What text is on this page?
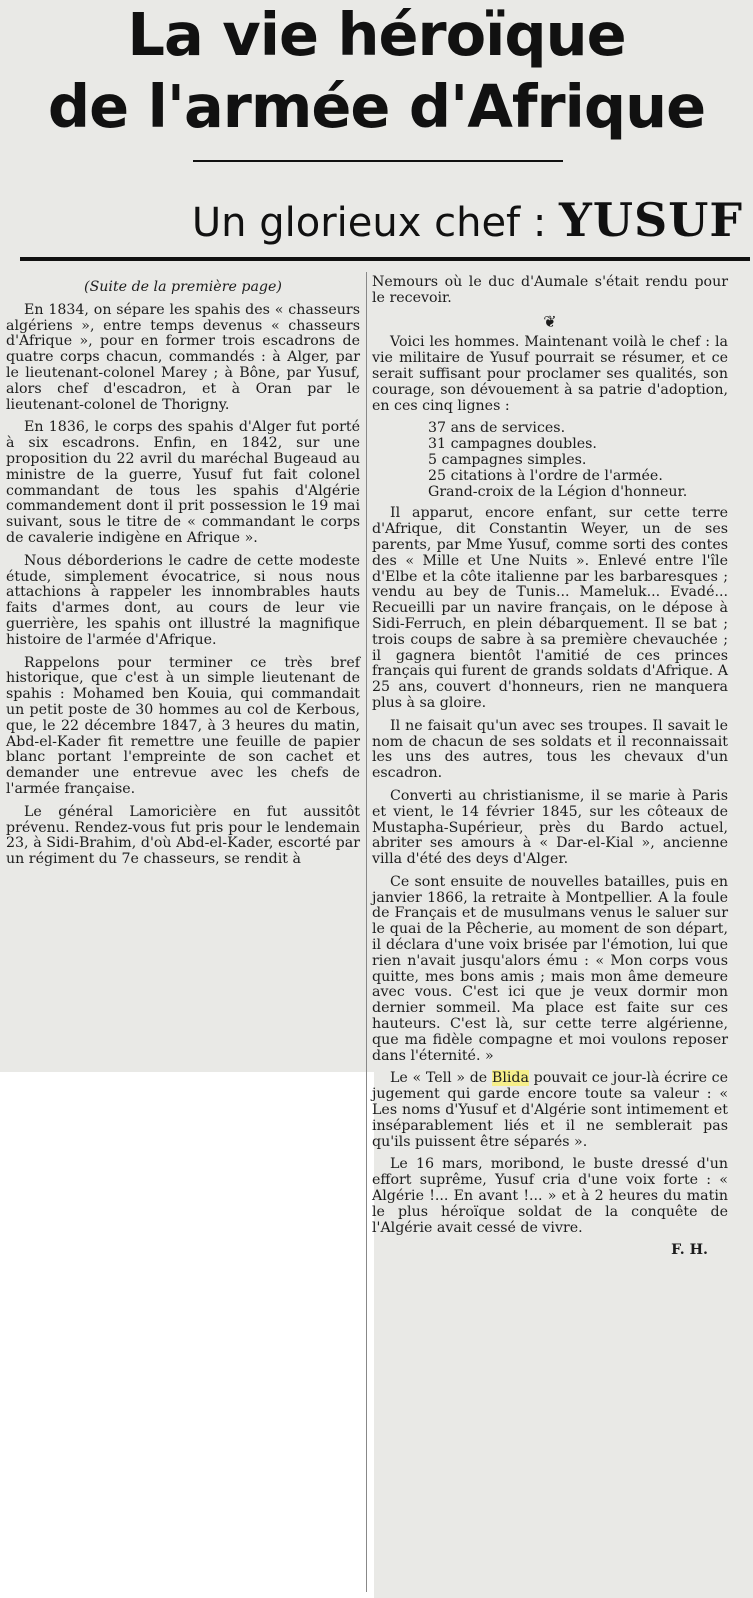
La vie héroïque
de l'armée d'Afrique
Un glorieux chef : YUSUF

(Suite de la première page)

En 1834, on sépare les spahis des « chasseurs algériens », entre temps devenus « chasseurs d'Afrique », pour en former trois escadrons de quatre corps chacun, commandés : à Alger, par le lieutenant-colonel Marey ; à Bône, par Yusuf, alors chef d'escadron, et à Oran par le lieutenant-colonel de Thorigny.

En 1836, le corps des spahis d'Alger fut porté à six escadrons. Enfin, en 1842, sur une proposition du 22 avril du maréchal Bugeaud au ministre de la guerre, Yusuf fut fait colonel commandant de tous les spahis d'Algérie commandement dont il prit possession le 19 mai suivant, sous le titre de « commandant le corps de cavalerie indigène en Afrique ».

Nous déborderions le cadre de cette modeste étude, simplement évocatrice, si nous nous attachions à rappeler les innombrables hauts faits d'armes dont, au cours de leur vie guerrière, les spahis ont illustré la magnifique histoire de l'armée d'Afrique.

Rappelons pour terminer ce très bref historique, que c'est à un simple lieutenant de spahis : Mohamed ben Kouia, qui commandait un petit poste de 30 hommes au col de Kerbous, que, le 22 décembre 1847, à 3 heures du matin, Abd-el-Kader fit remettre une feuille de papier blanc portant l'empreinte de son cachet et demander une entrevue avec les chefs de l'armée française.

Le général Lamoricière en fut aussitôt prévenu. Rendez-vous fut pris pour le lendemain 23, à Sidi-Brahim, d'où Abd-el-Kader, escorté par un régiment du 7e chasseurs, se rendit à

Nemours où le duc d'Aumale s'était rendu pour le recevoir.

❦

Voici les hommes. Maintenant voilà le chef : la vie militaire de Yusuf pourrait se résumer, et ce serait suffisant pour proclamer ses qualités, son courage, son dévouement à sa patrie d'adoption, en ces cinq lignes :

37 ans de services.
31 campagnes doubles.
5 campagnes simples.
25 citations à l'ordre de l'armée.
Grand-croix de la Légion d'honneur.

Il apparut, encore enfant, sur cette terre d'Afrique, dit Constantin Weyer, un de ses parents, par Mme Yusuf, comme sorti des contes des « Mille et Une Nuits ». Enlevé entre l'île d'Elbe et la côte italienne par les barbaresques ; vendu au bey de Tunis... Mameluk... Evadé... Recueilli par un navire français, on le dépose à Sidi-Ferruch, en plein débarquement. Il se bat ; trois coups de sabre à sa première chevauchée ; il gagnera bientôt l'amitié de ces princes français qui furent de grands soldats d'Afrique. A 25 ans, couvert d'honneurs, rien ne manquera plus à sa gloire.

Il ne faisait qu'un avec ses troupes. Il savait le nom de chacun de ses soldats et il reconnaissait les uns des autres, tous les chevaux d'un escadron.

Converti au christianisme, il se marie à Paris et vient, le 14 février 1845, sur les côteaux de Mustapha-Supérieur, près du Bardo actuel, abriter ses amours à « Dar-el-Kial », ancienne villa d'été des deys d'Alger.

Ce sont ensuite de nouvelles batailles, puis en janvier 1866, la retraite à Montpellier. A la foule de Français et de musulmans venus le saluer sur le quai de la Pêcherie, au moment de son départ, il déclara d'une voix brisée par l'émotion, lui que rien n'avait jusqu'alors ému : « Mon corps vous quitte, mes bons amis ; mais mon âme demeure avec vous. C'est ici que je veux dormir mon dernier sommeil. Ma place est faite sur ces hauteurs. C'est là, sur cette terre algérienne, que ma fidèle compagne et moi voulons reposer dans l'éternité. »

Le « Tell » de Blida pouvait ce jour-là écrire ce jugement qui garde encore toute sa valeur : « Les noms d'Yusuf et d'Algérie sont intimement et inséparablement liés et il ne semblerait pas qu'ils puissent être séparés ».

Le 16 mars, moribond, le buste dressé d'un effort suprême, Yusuf cria d'une voix forte : « Algérie !... En avant !... » et à 2 heures du matin le plus héroïque soldat de la conquête de l'Algérie avait cessé de vivre.

F. H.
